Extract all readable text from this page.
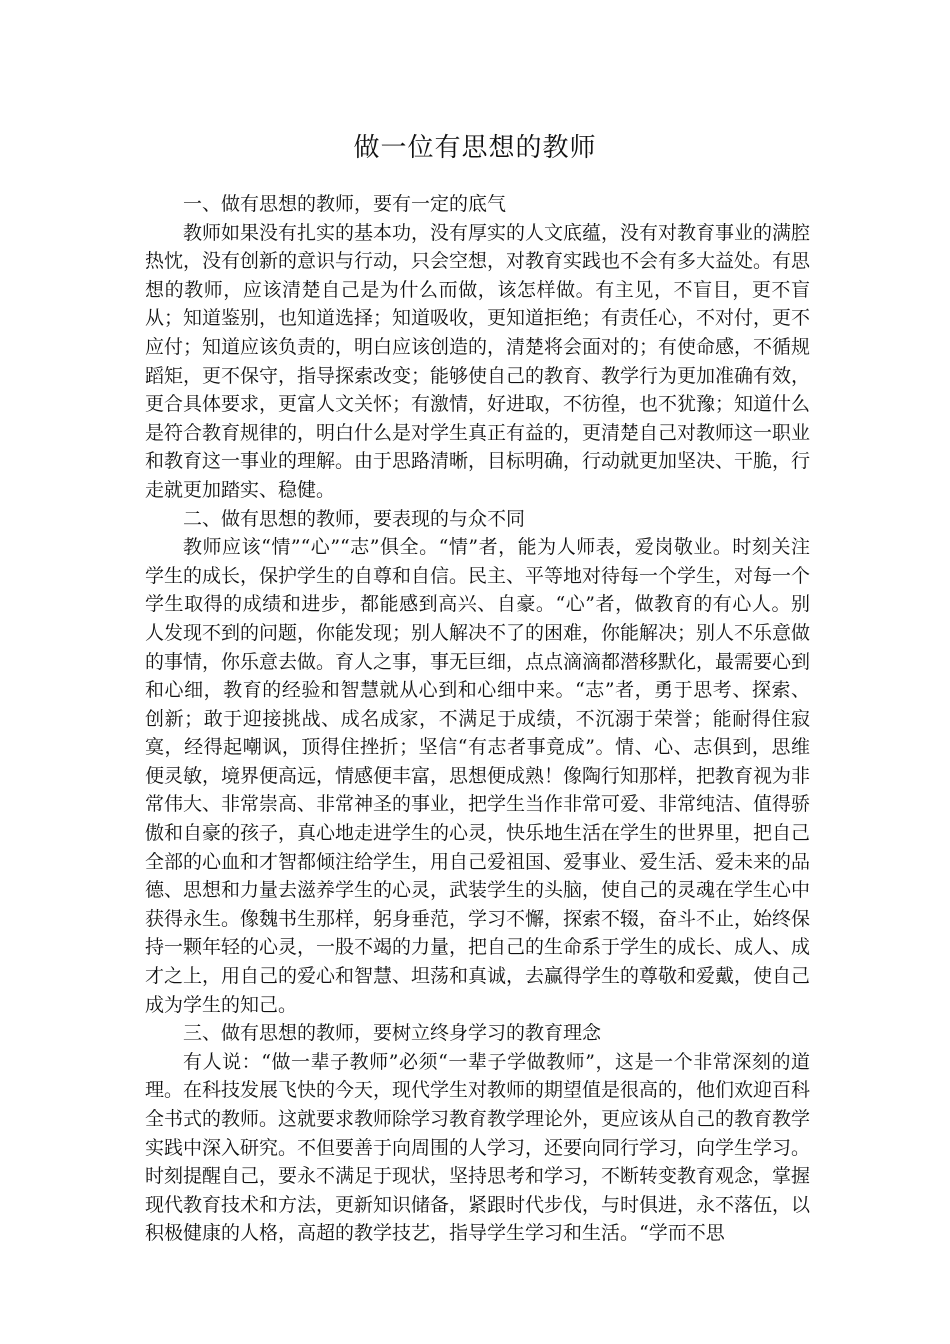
做一位有思想的教师

一、做有思想的教师，要有一定的底气

教师如果没有扎实的基本功，没有厚实的人文底蕴，没有对教育事业的满腔热忱，没有创新的意识与行动，只会空想，对教育实践也不会有多大益处。有思想的教师，应该清楚自己是为什么而做，该怎样做。有主见，不盲目，更不盲从；知道鉴别，也知道选择；知道吸收，更知道拒绝；有责任心，不对付，更不应付；知道应该负责的，明白应该创造的，清楚将会面对的；有使命感，不循规蹈矩，更不保守，指导探索改变；能够使自己的教育、教学行为更加准确有效，更合具体要求，更富人文关怀；有激情，好进取，不彷徨，也不犹豫；知道什么是符合教育规律的，明白什么是对学生真正有益的，更清楚自己对教师这一职业和教育这一事业的理解。由于思路清晰，目标明确，行动就更加坚决、干脆，行走就更加踏实、稳健。

二、做有思想的教师，要表现的与众不同

教师应该“情”“心”“志”俱全。“情”者，能为人师表，爱岗敬业。时刻关注学生的成长，保护学生的自尊和自信。民主、平等地对待每一个学生，对每一个学生取得的成绩和进步，都能感到高兴、自豪。“心”者，做教育的有心人。别人发现不到的问题，你能发现；别人解决不了的困难，你能解决；别人不乐意做的事情，你乐意去做。育人之事，事无巨细，点点滴滴都潜移默化，最需要心到和心细，教育的经验和智慧就从心到和心细中来。“志”者，勇于思考、探索、创新；敢于迎接挑战、成名成家，不满足于成绩，不沉溺于荣誉；能耐得住寂寞，经得起嘲讽，顶得住挫折；坚信“有志者事竟成”。情、心、志俱到，思维便灵敏，境界便高远，情感便丰富，思想便成熟！像陶行知那样，把教育视为非常伟大、非常崇高、非常神圣的事业，把学生当作非常可爱、非常纯洁、值得骄傲和自豪的孩子，真心地走进学生的心灵，快乐地生活在学生的世界里，把自己全部的心血和才智都倾注给学生，用自己爱祖国、爱事业、爱生活、爱未来的品德、思想和力量去滋养学生的心灵，武装学生的头脑，使自己的灵魂在学生心中获得永生。像魏书生那样，躬身垂范，学习不懈，探索不辍，奋斗不止，始终保持一颗年轻的心灵，一股不竭的力量，把自己的生命系于学生的成长、成人、成才之上，用自己的爱心和智慧、坦荡和真诚，去赢得学生的尊敬和爱戴，使自己成为学生的知己。

三、做有思想的教师，要树立终身学习的教育理念

有人说：“做一辈子教师”必须“一辈子学做教师”，这是一个非常深刻的道理。在科技发展飞快的今天，现代学生对教师的期望值是很高的，他们欢迎百科全书式的教师。这就要求教师除学习教育教学理论外，更应该从自己的教育教学实践中深入研究。不但要善于向周围的人学习，还要向同行学习，向学生学习。时刻提醒自己，要永不满足于现状，坚持思考和学习，不断转变教育观念，掌握现代教育技术和方法，更新知识储备，紧跟时代步伐，与时俱进，永不落伍，以积极健康的人格，高超的教学技艺，指导学生学习和生活。“学而不思
